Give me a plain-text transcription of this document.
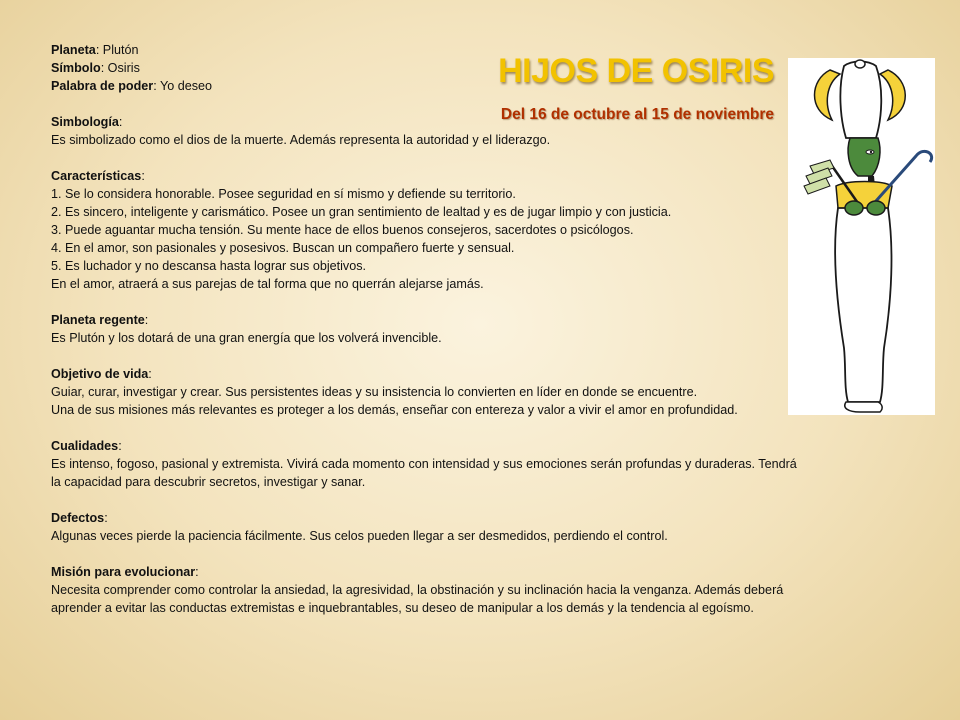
Planeta: Plutón
Símbolo: Osiris
Palabra de poder: Yo deseo
Simbología:
Es simbolizado como el dios de la muerte. Además representa la autoridad y el liderazgo.
Características:
1. Se lo considera honorable. Posee seguridad en sí mismo y defiende su territorio.
2. Es sincero, inteligente y carismático. Posee un gran sentimiento de lealtad y es de jugar limpio y con justicia.
3. Puede aguantar mucha tensión. Su mente hace de ellos buenos consejeros, sacerdotes o psicólogos.
4. En el amor, son pasionales y posesivos. Buscan un compañero fuerte y sensual.
5. Es luchador y no descansa hasta lograr sus objetivos.
En el amor, atraerá a sus parejas de tal forma que no querrán alejarse jamás.
Planeta regente:
Es Plutón y los dotará de una gran energía que los volverá invencible.
Objetivo de vida:
Guiar, curar, investigar y crear. Sus persistentes ideas y su insistencia lo convierten en líder en donde se encuentre.
Una de sus misiones más relevantes es proteger a los demás, enseñar con entereza y valor a vivir el amor en profundidad.
Cualidades:
Es intenso, fogoso, pasional y extremista. Vivirá cada momento con intensidad y sus emociones serán profundas y duraderas. Tendrá
la capacidad para descubrir secretos, investigar y sanar.
Defectos:
Algunas veces pierde la paciencia fácilmente. Sus celos pueden llegar a ser desmedidos, perdiendo el control.
Misión para evolucionar:
Necesita comprender como controlar la ansiedad, la agresividad, la obstinación y su inclinación hacia la venganza. Además deberá
aprender a evitar las conductas extremistas e inquebrantables, su deseo de manipular a los demás y la tendencia al egoísmo.
HIJOS DE OSIRIS
Del 16 de octubre al 15 de noviembre
